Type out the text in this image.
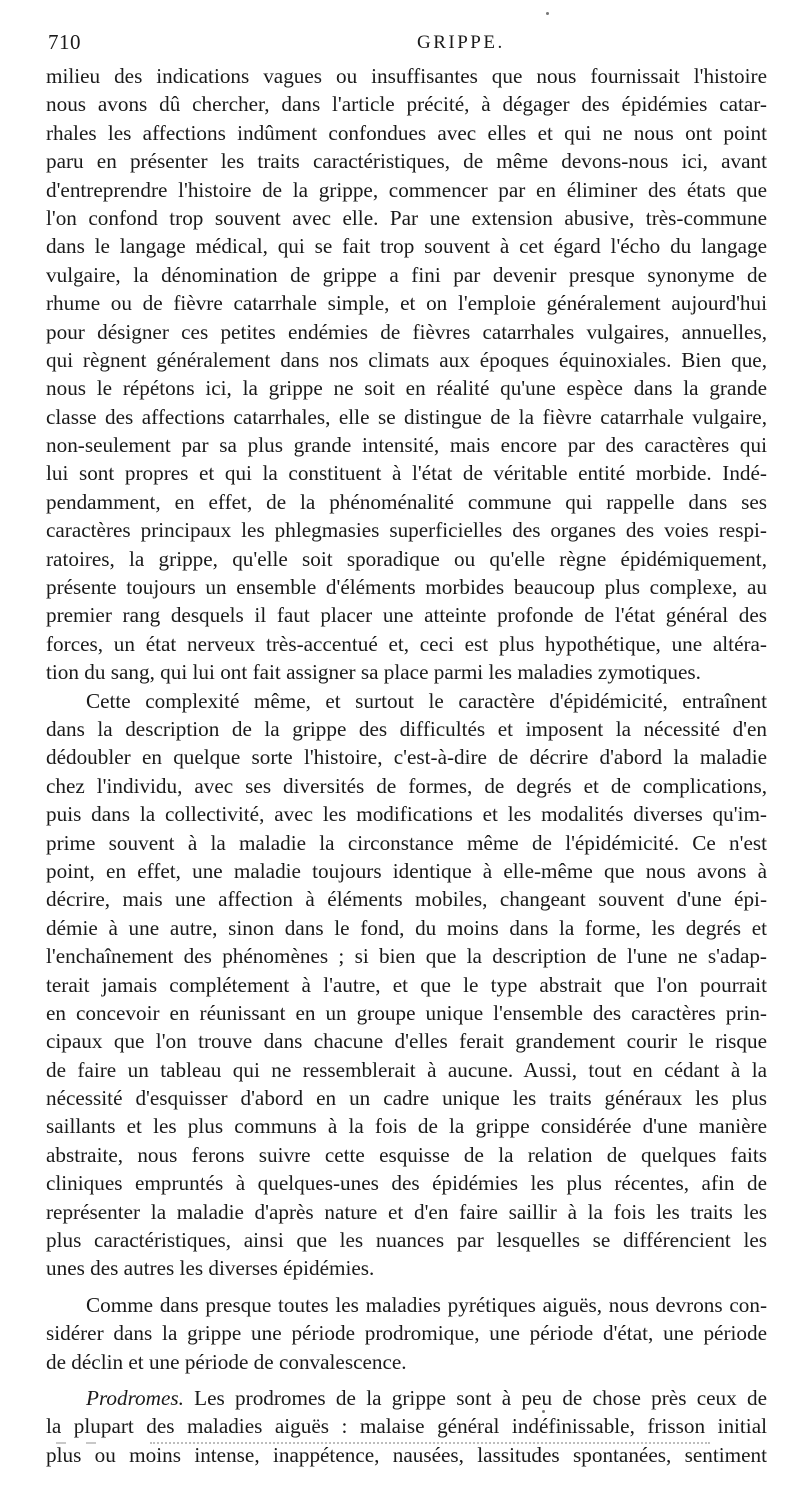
710	GRIPPE.
milieu des indications vagues ou insuffisantes que nous fournissait l'histoire
nous avons dû chercher, dans l'article précité, à dégager des épidémies catar-
rhales les affections indûment confondues avec elles et qui ne nous ont point
paru en présenter les traits caractéristiques, de même devons-nous ici, avant
d'entreprendre l'histoire de la grippe, commencer par en éliminer des états que
l'on confond trop souvent avec elle. Par une extension abusive, très-commune
dans le langage médical, qui se fait trop souvent à cet égard l'écho du langage
vulgaire, la dénomination de grippe a fini par devenir presque synonyme de
rhume ou de fièvre catarrhale simple, et on l'emploie généralement aujourd'hui
pour désigner ces petites endémies de fièvres catarrhales vulgaires, annuelles,
qui règnent généralement dans nos climats aux époques équinoxiales. Bien que,
nous le répétons ici, la grippe ne soit en réalité qu'une espèce dans la grande
classe des affections catarrhales, elle se distingue de la fièvre catarrhale vulgaire,
non-seulement par sa plus grande intensité, mais encore par des caractères qui
lui sont propres et qui la constituent à l'état de véritable entité morbide. Indé-
pendamment, en effet, de la phénoménalité commune qui rappelle dans ses
caractères principaux les phlegmasies superficielles des organes des voies respi-
ratoires, la grippe, qu'elle soit sporadique ou qu'elle règne épidémiquement,
présente toujours un ensemble d'éléments morbides beaucoup plus complexe, au
premier rang desquels il faut placer une atteinte profonde de l'état général des
forces, un état nerveux très-accentué et, ceci est plus hypothétique, une altéra-
tion du sang, qui lui ont fait assigner sa place parmi les maladies zymotiques.
Cette complexité même, et surtout le caractère d'épidémicité, entraînent
dans la description de la grippe des difficultés et imposent la nécessité d'en
dédoubler en quelque sorte l'histoire, c'est-à-dire de décrire d'abord la maladie
chez l'individu, avec ses diversités de formes, de degrés et de complications,
puis dans la collectivité, avec les modifications et les modalités diverses qu'im-
prime souvent à la maladie la circonstance même de l'épidémicité. Ce n'est
point, en effet, une maladie toujours identique à elle-même que nous avons à
décrire, mais une affection à éléments mobiles, changeant souvent d'une épi-
démie à une autre, sinon dans le fond, du moins dans la forme, les degrés et
l'enchaînement des phénomènes ; si bien que la description de l'une ne s'adap-
terait jamais complétement à l'autre, et que le type abstrait que l'on pourrait
en concevoir en réunissant en un groupe unique l'ensemble des caractères prin-
cipaux que l'on trouve dans chacune d'elles ferait grandement courir le risque
de faire un tableau qui ne ressemblerait à aucune. Aussi, tout en cédant à la
nécessité d'esquisser d'abord en un cadre unique les traits généraux les plus
saillants et les plus communs à la fois de la grippe considérée d'une manière
abstraite, nous ferons suivre cette esquisse de la relation de quelques faits
cliniques empruntés à quelques-unes des épidémies les plus récentes, afin de
représenter la maladie d'après nature et d'en faire saillir à la fois les traits les
plus caractéristiques, ainsi que les nuances par lesquelles se différencient les
unes des autres les diverses épidémies.
Comme dans presque toutes les maladies pyrétiques aiguës, nous devrons con-
sidérer dans la grippe une période prodromique, une période d'état, une période
de déclin et une période de convalescence.
Prodromes. Les prodromes de la grippe sont à peu de chose près ceux de
la plupart des maladies aiguës : malaise général indéfinissable, frisson initial
plus ou moins intense, inappétence, nausées, lassitudes spontanées, sentiment
